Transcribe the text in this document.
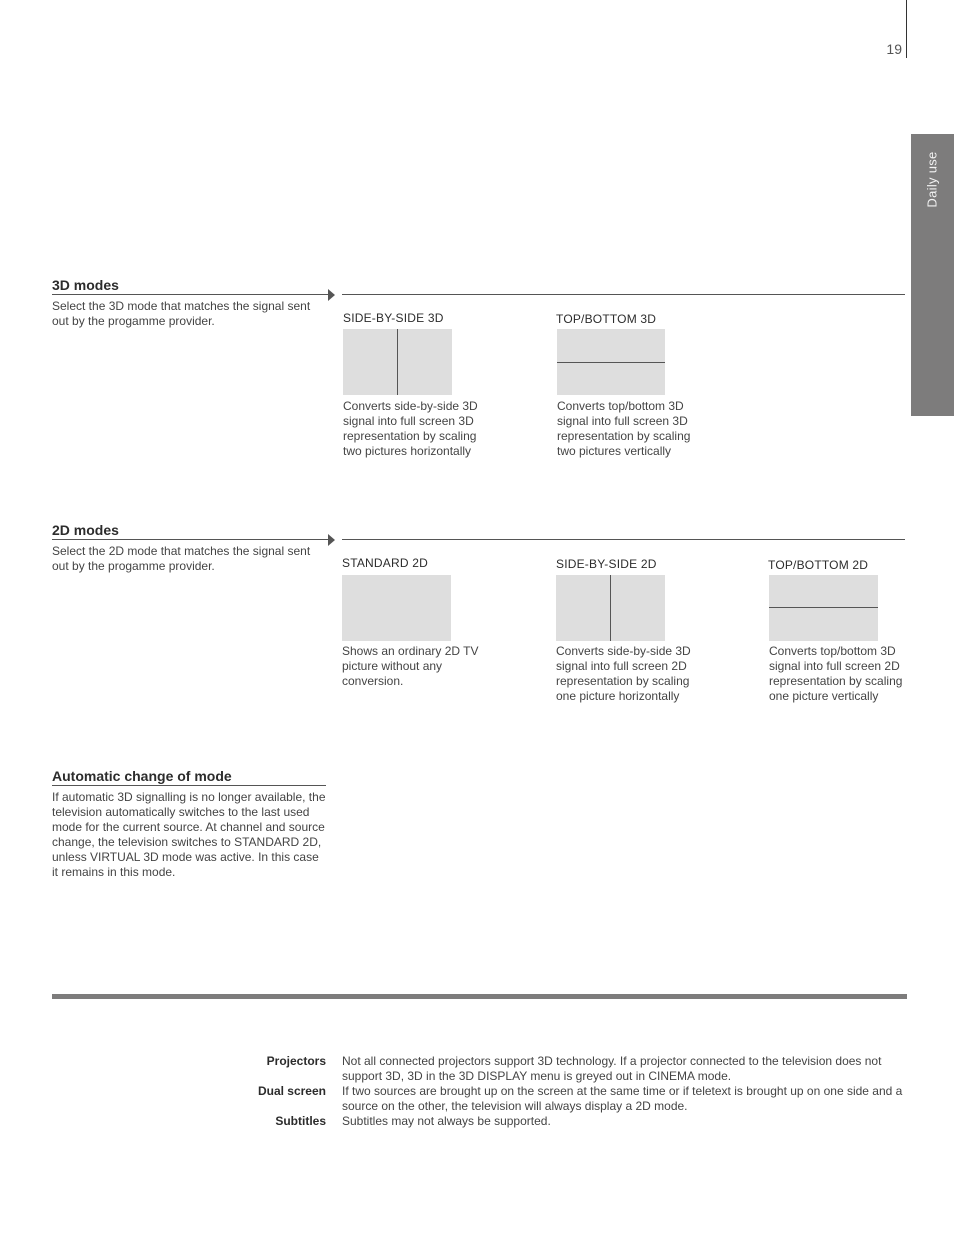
19
Daily use
3D modes
Select the 3D mode that matches the signal sent out by the progamme provider.	SIDE-BY-SIDE 3D
Converts side-by-side 3D signal into full screen 3D representation by scaling two pictures horizontally
TOP/BOTTOM 3D
Converts top/bottom 3D signal into full screen 3D representation by scaling two pictures vertically
2D modes
Select the 2D mode that matches the signal sent out by the progamme provider.	STANDARD 2D
Shows an ordinary 2D TV picture without any conversion.
SIDE-BY-SIDE 2D
Converts side-by-side 3D signal into full screen 2D representation by scaling one picture horizontally
TOP/BOTTOM 2D
Converts top/bottom 3D signal into full screen 2D representation by scaling one picture vertically
Automatic change of mode
If automatic 3D signalling is no longer available, the television automatically switches to the last used mode for the current source. At channel and source change, the television switches to STANDARD 2D, unless VIRTUAL 3D mode was active. In this case it remains in this mode.
Projectors Not all connected projectors support 3D technology. If a projector connected to the television does not support 3D, 3D in the 3D DISPLAY menu is greyed out in CINEMA mode.
Dual screen If two sources are brought up on the screen at the same time or if teletext is brought up on one side and a source on the other, the television will always display a 2D mode.
Subtitles Subtitles may not always be supported.
